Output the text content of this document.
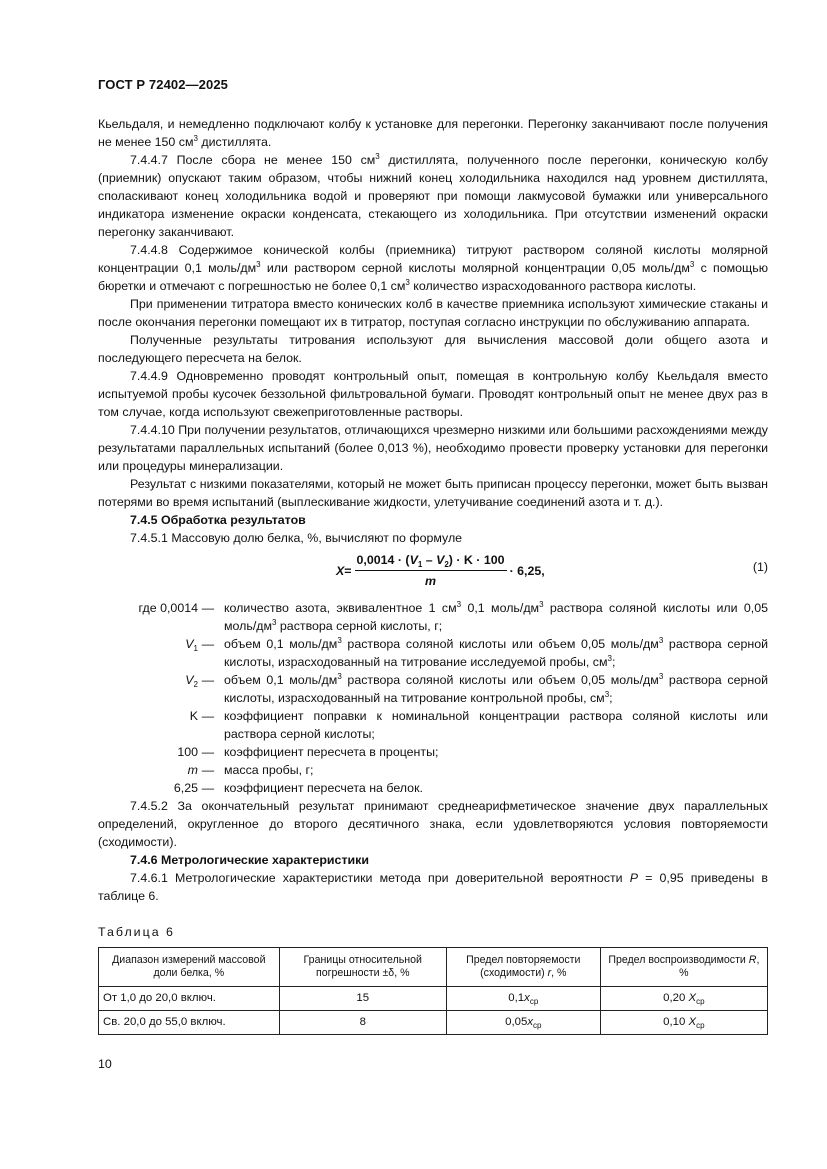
ГОСТ Р 72402—2025

Кьельдаля, и немедленно подключают колбу к установке для перегонки. Перегонку заканчивают после получения не менее 150 $см^3$ дистиллята.

7.4.4.7 После сбора не менее 150 $см^3$ дистиллята, полученного после перегонки, коническую колбу (приемник) опускают таким образом, чтобы нижний конец холодильника находился над уровнем дистиллята, споласкивают конец холодильника водой и проверяют при помощи лакмусовой бумажки или универсального индикатора изменение окраски конденсата, стекающего из холодильника. При отсутствии изменений окраски перегонку заканчивают.

7.4.4.8 Содержимое конической колбы (приемника) титруют раствором соляной кислоты молярной концентрации 0,1 моль/$дм^3$ или раствором серной кислоты молярной концентрации 0,05 моль/$дм^3$ с помощью бюретки и отмечают с погрешностью не более 0,1 $см^3$ количество израсходованного раствора кислоты.

При применении титратора вместо конических колб в качестве приемника используют химические стаканы и после окончания перегонки помещают их в титратор, поступая согласно инструкции по обслуживанию аппарата.

Полученные результаты титрования используют для вычисления массовой доли общего азота и последующего пересчета на белок.

7.4.4.9 Одновременно проводят контрольный опыт, помещая в контрольную колбу Кьельдаля вместо испытуемой пробы кусочек беззольной фильтровальной бумаги. Проводят контрольный опыт не менее двух раз в том случае, когда используют свежеприготовленные растворы.

7.4.4.10 При получении результатов, отличающихся чрезмерно низкими или большими расхождениями между результатами параллельных испытаний (более 0,013 %), необходимо провести проверку установки для перегонки или процедуры минерализации.

Результат с низкими показателями, который не может быть приписан процессу перегонки, может быть вызван потерями во время испытаний (выплескивание жидкости, улетучивание соединений азота и т. д.).

7.4.5 Обработка результатов

7.4.5.1 Массовую долю белка, %, вычисляют по формуле

$X = \frac{0,0014 \cdot (V_1 - V_2) \cdot K \cdot 100}{m} \cdot 6,25$,	(1)
где 0,0014 — количество азота, эквивалентное 1 $см^3$ 0,1 моль/$дм^3$ раствора соляной кислоты или 0,05 моль/$дм^3$ раствора серной кислоты, г;
$V_1$ — объем 0,1 моль/$дм^3$ раствора соляной кислоты или объем 0,05 моль/$дм^3$ раствора серной кислоты, израсходованный на титрование исследуемой пробы, $см^3$;
$V_2$ — объем 0,1 моль/$дм^3$ раствора соляной кислоты или объем 0,05 моль/$дм^3$ раствора серной кислоты, израсходованный на титрование контрольной пробы, $см^3$;
K — коэффициент поправки к номинальной концентрации раствора соляной кислоты или раствора серной кислоты;
100 — коэффициент пересчета в проценты;
m — масса пробы, г;
6,25 — коэффициент пересчета на белок.

7.4.5.2 За окончательный результат принимают среднеарифметическое значение двух параллельных определений, округленное до второго десятичного знака, если удовлетворяются условия повторяемости (сходимости).

7.4.6 Метрологические характеристики

7.4.6.1 Метрологические характеристики метода при доверительной вероятности P = 0,95 приведены в таблице 6.

Таблица 6
Диапазон измерений массовой доли белка, %	Границы относительной погрешности ±δ, %	Предел повторяемости (сходимости) r, %	Предел воспроизводимости R, %
От 1,0 до 20,0 включ.	15	$0,1x_{ср}$	0,20 $X_{ср}$
Св. 20,0 до 55,0 включ.	8	$0,05x_{ср}$	0,10 $X_{ср}$
10
